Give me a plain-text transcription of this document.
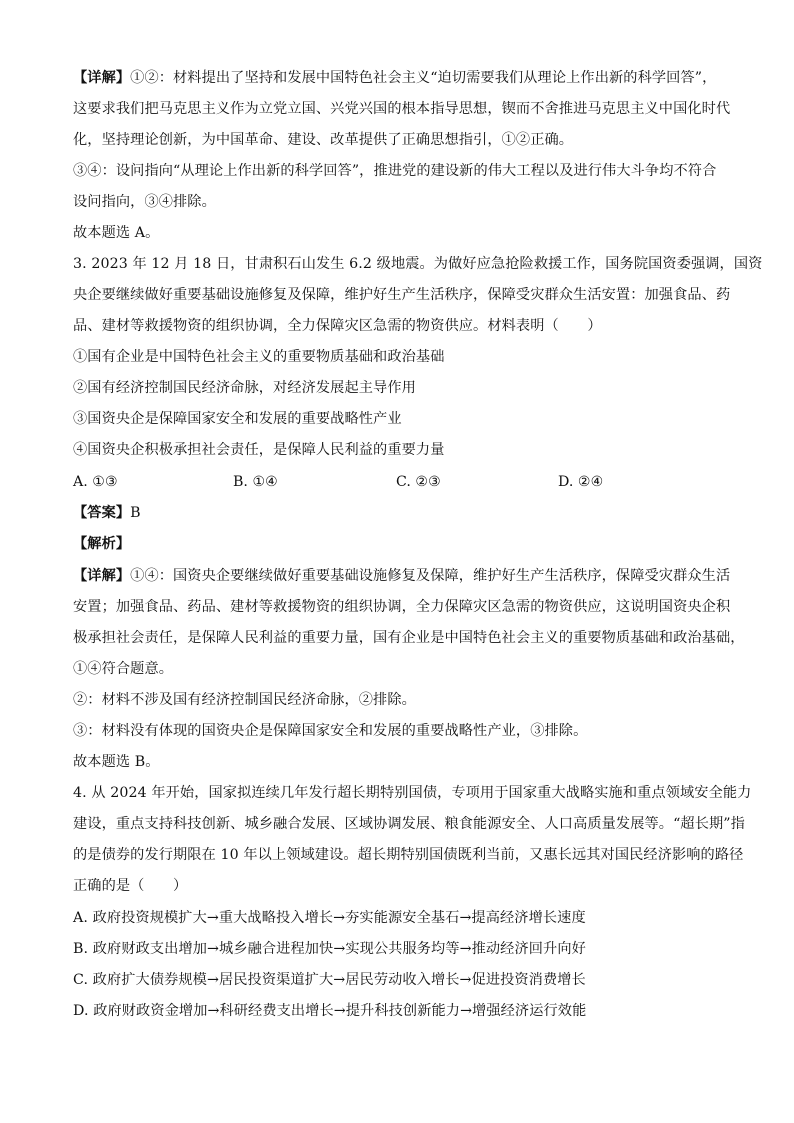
【详解】①②：材料提出了坚持和发展中国特色社会主义“迫切需要我们从理论上作出新的科学回答”，
这要求我们把马克思主义作为立党立国、兴党兴国的根本指导思想，锲而不舍推进马克思主义中国化时代
化，坚持理论创新，为中国革命、建设、改革提供了正确思想指引，①②正确。
③④：设问指向“从理论上作出新的科学回答”，推进党的建设新的伟大工程以及进行伟大斗争均不符合
设问指向，③④排除。
故本题选 A。
3. 2023 年 12 月 18 日，甘肃积石山发生 6.2 级地震。为做好应急抢险救援工作，国务院国资委强调，国资
央企要继续做好重要基础设施修复及保障，维护好生产生活秩序，保障受灾群众生活安置：加强食品、药
品、建材等救援物资的组织协调，全力保障灾区急需的物资供应。材料表明（　　）
①国有企业是中国特色社会主义的重要物质基础和政治基础
②国有经济控制国民经济命脉，对经济发展起主导作用
③国资央企是保障国家安全和发展的重要战略性产业
④国资央企积极承担社会责任，是保障人民利益的重要力量
A. ①③	B. ①④	C. ②③	D. ②④
【答案】B
【解析】
【详解】①④：国资央企要继续做好重要基础设施修复及保障，维护好生产生活秩序，保障受灾群众生活
安置；加强食品、药品、建材等救援物资的组织协调，全力保障灾区急需的物资供应，这说明国资央企积
极承担社会责任，是保障人民利益的重要力量，国有企业是中国特色社会主义的重要物质基础和政治基础，
①④符合题意。
②：材料不涉及国有经济控制国民经济命脉，②排除。
③：材料没有体现的国资央企是保障国家安全和发展的重要战略性产业，③排除。
故本题选 B。
4. 从 2024 年开始，国家拟连续几年发行超长期特别国债，专项用于国家重大战略实施和重点领域安全能力
建设，重点支持科技创新、城乡融合发展、区域协调发展、粮食能源安全、人口高质量发展等。“超长期”指
的是债券的发行期限在 10 年以上领域建设。超长期特别国债既利当前，又惠长远其对国民经济影响的路径
正确的是（　　）
A. 政府投资规模扩大→重大战略投入增长→夯实能源安全基石→提高经济增长速度
B. 政府财政支出增加→城乡融合进程加快→实现公共服务均等→推动经济回升向好
C. 政府扩大债券规模→居民投资渠道扩大→居民劳动收入增长→促进投资消费增长
D. 政府财政资金增加→科研经费支出增长→提升科技创新能力→增强经济运行效能
